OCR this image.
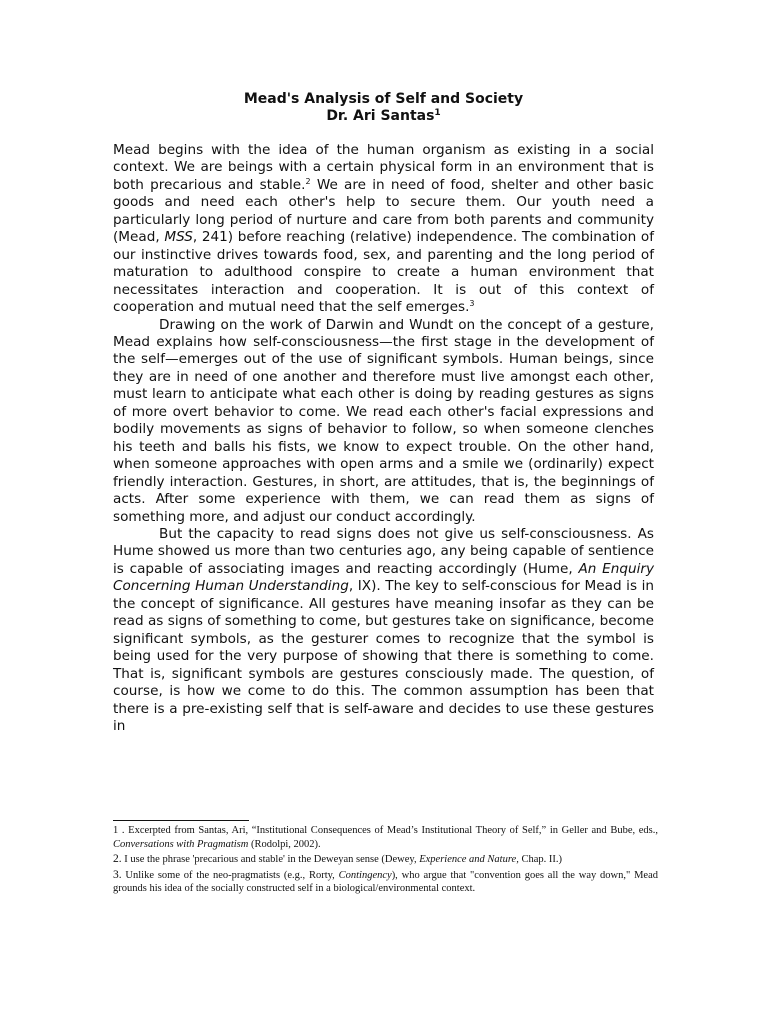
Mead's Analysis of Self and Society
Dr. Ari Santas$^1$

Mead begins with the idea of the human organism as existing in a social context. We are beings with a certain physical form in an environment that is both precarious and stable.$^2$ We are in need of food, shelter and other basic goods and need each other's help to secure them. Our youth need a particularly long period of nurture and care from both parents and community (Mead, MSS, 241) before reaching (relative) independence. The combination of our instinctive drives towards food, sex, and parenting and the long period of maturation to adulthood conspire to create a human environment that necessitates interaction and cooperation. It is out of this context of cooperation and mutual need that the self emerges.$^3$

Drawing on the work of Darwin and Wundt on the concept of a gesture, Mead explains how self-consciousness—the first stage in the development of the self—emerges out of the use of significant symbols. Human beings, since they are in need of one another and therefore must live amongst each other, must learn to anticipate what each other is doing by reading gestures as signs of more overt behavior to come. We read each other's facial expressions and bodily movements as signs of behavior to follow, so when someone clenches his teeth and balls his fists, we know to expect trouble. On the other hand, when someone approaches with open arms and a smile we (ordinarily) expect friendly interaction. Gestures, in short, are attitudes, that is, the beginnings of acts. After some experience with them, we can read them as signs of something more, and adjust our conduct accordingly.

But the capacity to read signs does not give us self-consciousness. As Hume showed us more than two centuries ago, any being capable of sentience is capable of associating images and reacting accordingly (Hume, An Enquiry Concerning Human Understanding, IX). The key to self-conscious for Mead is in the concept of significance. All gestures have meaning insofar as they can be read as signs of something to come, but gestures take on significance, become significant symbols, as the gesturer comes to recognize that the symbol is being used for the very purpose of showing that there is something to come. That is, significant symbols are gestures consciously made. The question, of course, is how we come to do this. The common assumption has been that there is a pre-existing self that is self-aware and decides to use these gestures in

1 . Excerpted from Santas, Ari, “Institutional Consequences of Mead’s Institutional Theory of Self,” in Geller and Bube, eds., Conversations with Pragmatism (Rodolpi, 2002).

2. I use the phrase 'precarious and stable' in the Deweyan sense (Dewey, Experience and Nature, Chap. II.)

3. Unlike some of the neo-pragmatists (e.g., Rorty, Contingency), who argue that "convention goes all the way down," Mead grounds his idea of the socially constructed self in a biological/environmental context.
